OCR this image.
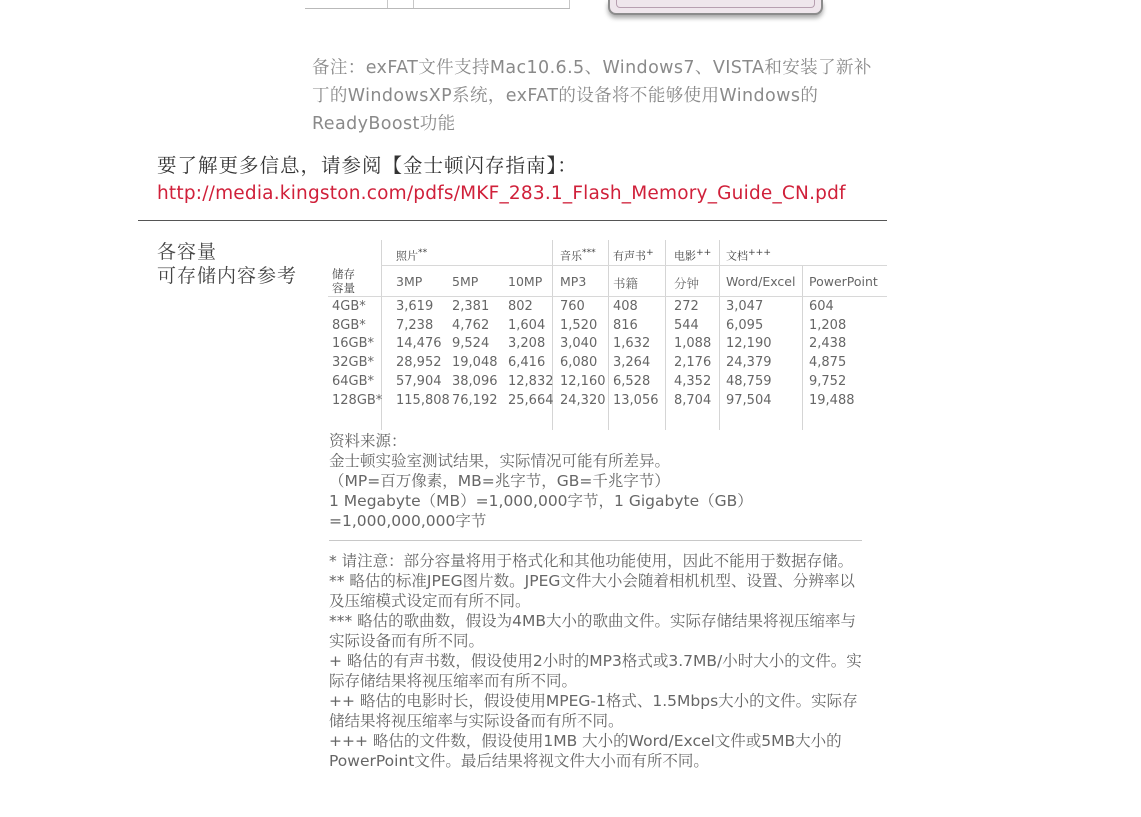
备注：exFAT文件支持Mac10.6.5、Windows7、VISTA和安装了新补丁的WindowsXP系统，exFAT的设备将不能够使用Windows的ReadyBoost功能
要了解更多信息，请参阅【金士顿闪存指南】：
http://media.kingston.com/pdfs/MKF_283.1_Flash_Memory_Guide_CN.pdf
各容量
可存储内容参考
照片**	音乐*** 有声书+ 电影++ 文档+++
储存
容量	3MP 5MP 10MP MP3 书籍	分钟 Word/Excel PowerPoint
4GB* 3,619 2,381 802 760 408	272 3,047	604
8GB* 7,238 4,762 1,604 1,520 816	544 6,095	1,208
16GB* 14,476 9,524 3,208 3,040 1,632 1,088 12,190	2,438
32GB* 28,952 19,048 6,416 6,080 3,264 2,176 24,379	4,875
64GB* 57,904 38,096 12,832 12,160 6,528 4,352 48,759	9,752
128GB* 115,808 76,192 25,664 24,320 13,056 8,704 97,504	19,488
资料来源：
金士顿实验室测试结果，实际情况可能有所差异。
（MP=百万像素，MB=兆字节，GB=千兆字节）
1 Megabyte（MB）=1,000,000字节，1 Gigabyte（GB）=1,000,000,000字节
* 请注意：部分容量将用于格式化和其他功能使用，因此不能用于数据存储。
** 略估的标准JPEG图片数。JPEG文件大小会随着相机机型、设置、分辨率以及压缩模式设定而有所不同。
*** 略估的歌曲数，假设为4MB大小的歌曲文件。实际存储结果将视压缩率与实际设备而有所不同。
+ 略估的有声书数，假设使用2小时的MP3格式或3.7MB/小时大小的文件。实际存储结果将视压缩率而有所不同。
++ 略估的电影时长，假设使用MPEG-1格式、1.5Mbps大小的文件。实际存储结果将视压缩率与实际设备而有所不同。
+++ 略估的文件数，假设使用1MB 大小的Word/Excel文件或5MB大小的PowerPoint文件。最后结果将视文件大小而有所不同。
